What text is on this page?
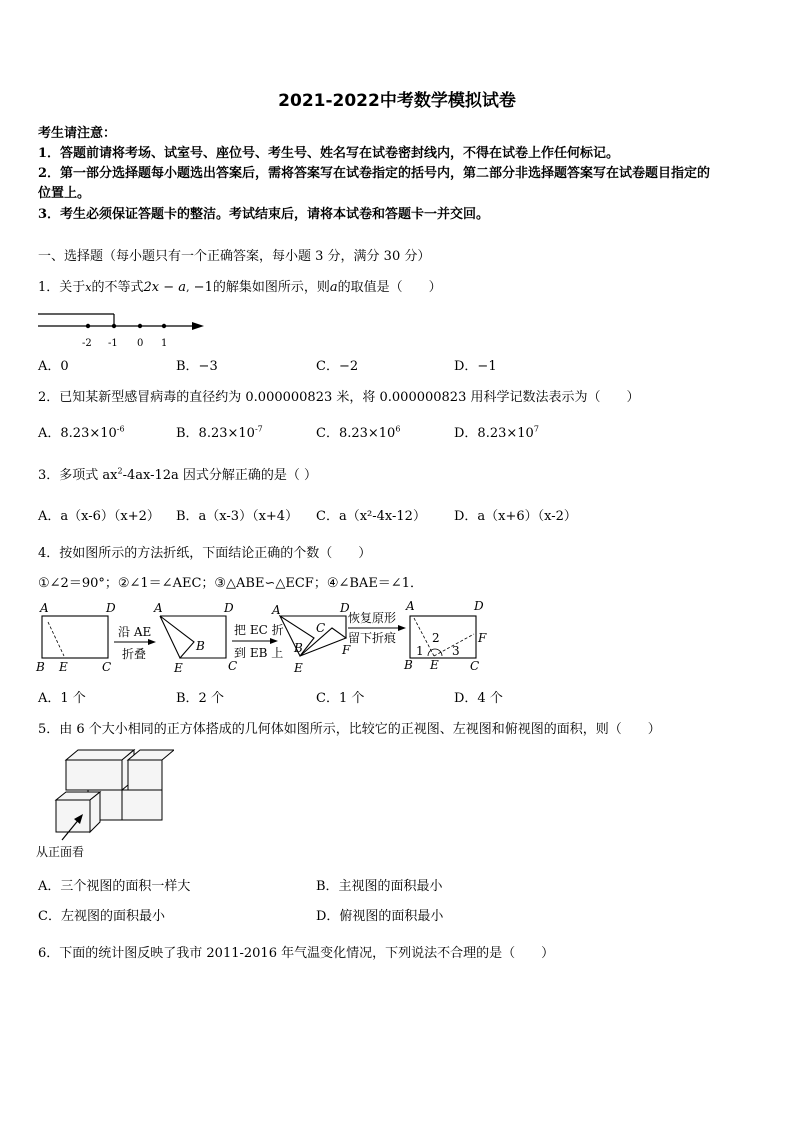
2021-2022中考数学模拟试卷
考生请注意：
1．答题前请将考场、试室号、座位号、考生号、姓名写在试卷密封线内，不得在试卷上作任何标记。
2．第一部分选择题每小题选出答案后，需将答案写在试卷指定的括号内，第二部分非选择题答案写在试卷题目指定的
位置上。
3．考生必须保证答题卡的整洁。考试结束后，请将本试卷和答题卡一并交回。
一、选择题（每小题只有一个正确答案，每小题 3 分，满分 30 分）
1．关于x的不等式2x − a‚ −1的解集如图所示，则a的取值是（　　）
-2 -1 0 1
A．0	B．−3	C．−2	D．−1
2．已知某新型感冒病毒的直径约为 0.000000823 米，将 0.000000823 用科学记数法表示为（　　）
A．$8.23\times 10^{-6}$	B．$8.23\times 10^{-7}$	C．$8.23\times 10^6$	D．$8.23\times 10^7$
3．多项式 $ax^2-4ax-12a$ 因式分解正确的是（ ）
A．a（x-6）（x+2） B．a（x-3）（x+4） C．a（x²-4x-12） D．a（x+6）（x-2）
4．按如图所示的方法折纸，下面结论正确的个数（　　）
①∠2＝90°；②∠1＝∠AEC；③△ABE∽△ECF；④∠BAE＝∠1．
A	D
B E	C
沿 AE
折叠
A	D
B
E	C
把 EC 折
到 EB 上
A	D
C
B	F
E
恢复原形
留下折痕
A	D
2	F
1 3
B E	C
A．1 个	B．2 个	C．1 个	D．4 个
5．由 6 个大小相同的正方体搭成的几何体如图所示，比较它的正视图、左视图和俯视图的面积，则（　　）
从正面看
A．三个视图的面积一样大	B．主视图的面积最小
C．左视图的面积最小	D．俯视图的面积最小
6．下面的统计图反映了我市 2011-2016 年气温变化情况，下列说法不合理的是（　　）
